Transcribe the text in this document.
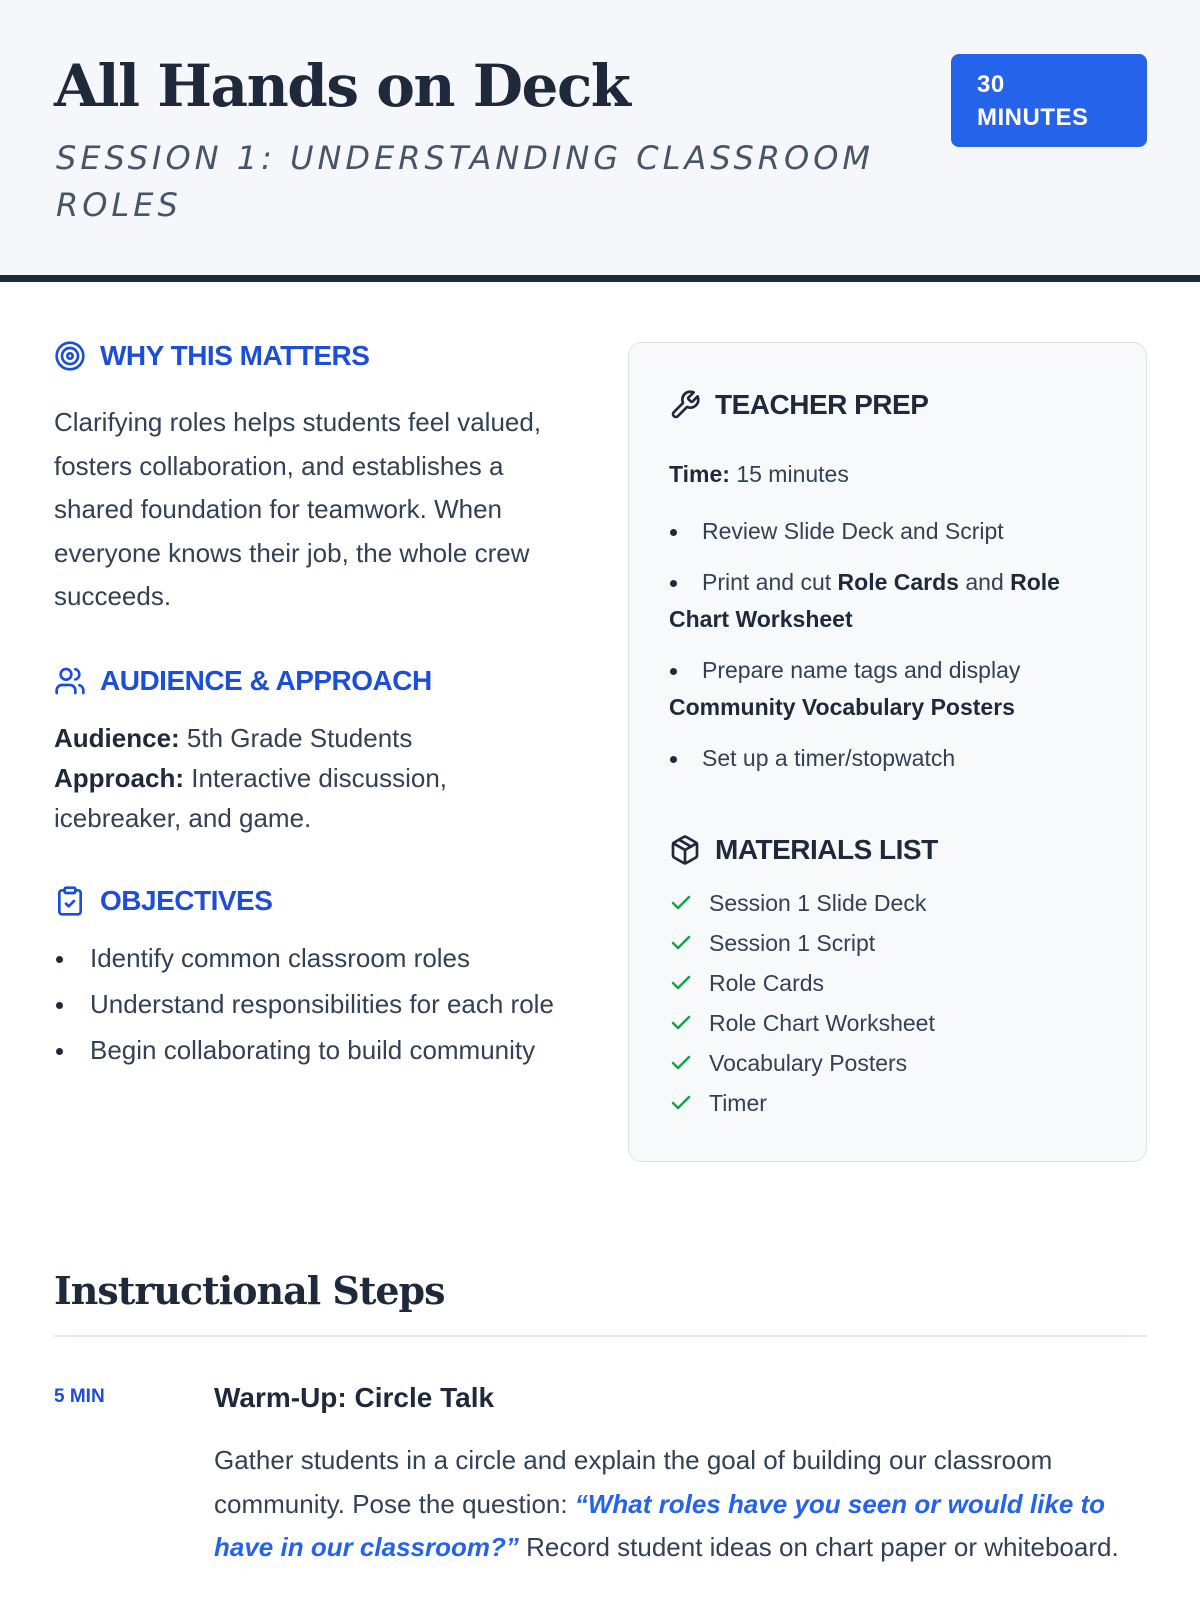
All Hands on Deck
SESSION 1: UNDERSTANDING CLASSROOM ROLES
30
MINUTES
WHY THIS MATTERS

Clarifying roles helps students feel valued, fosters collaboration, and establishes a shared foundation for teamwork. When everyone knows their job, the whole crew succeeds.

AUDIENCE & APPROACH
Audience: 5th Grade Students
Approach: Interactive discussion, icebreaker, and game.
OBJECTIVES
Identify common classroom roles
Understand responsibilities for each role
Begin collaborating to build community
TEACHER PREP
Time: 15 minutes
Review Slide Deck and Script
Print and cut Role Cards and Role Chart Worksheet
Prepare name tags and display Community Vocabulary Posters
Set up a timer/stopwatch
MATERIALS LIST
Session 1 Slide Deck
Session 1 Script
Role Cards
Role Chart Worksheet
Vocabulary Posters
Timer
Instructional Steps
5 MIN	Warm-Up: Circle Talk

Gather students in a circle and explain the goal of building our classroom community. Pose the question: “What roles have you seen or would like to have in our classroom?” Record student ideas on chart paper or whiteboard.
